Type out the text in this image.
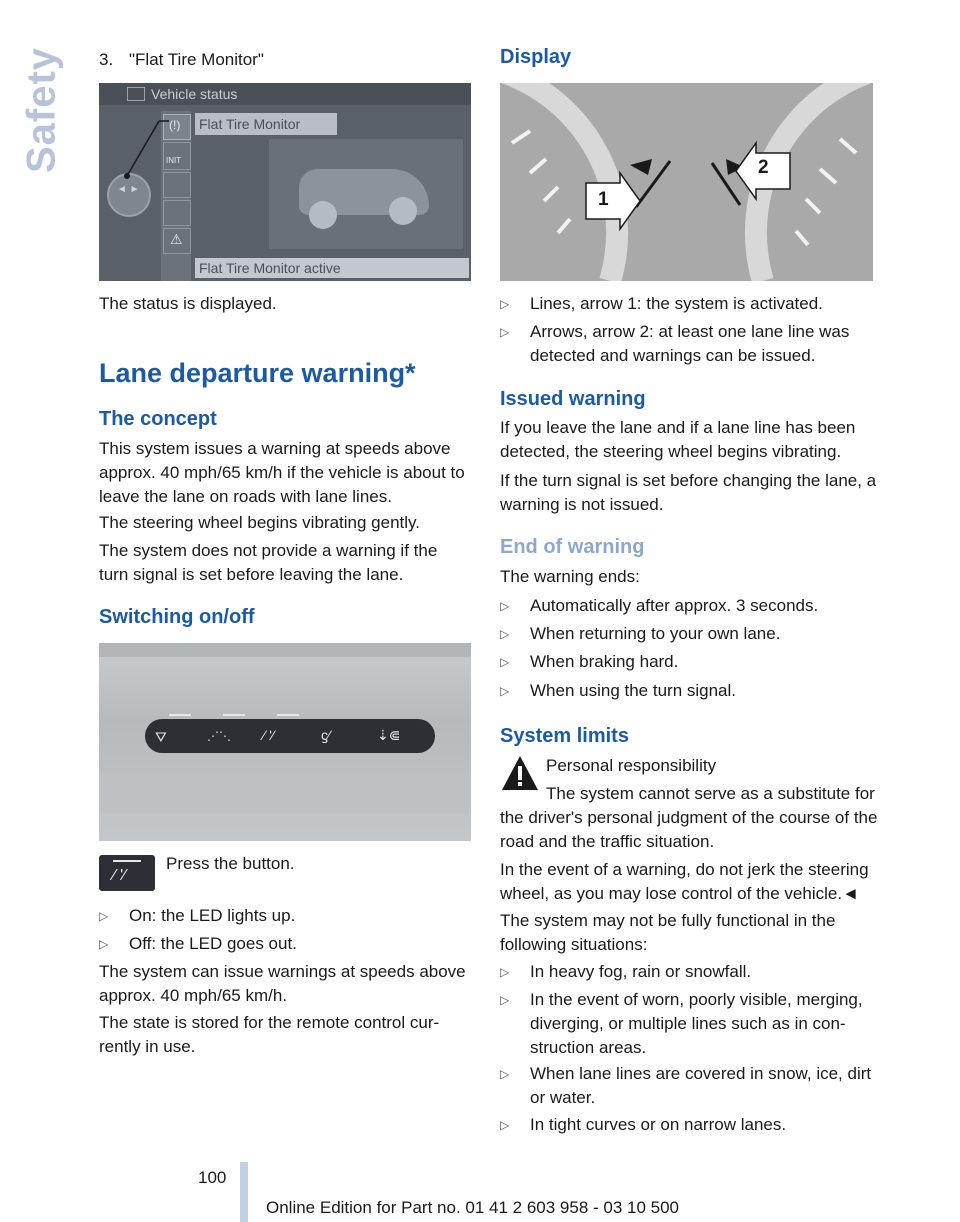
Safety 3. "Flat Tire Monitor"
Vehicle status
◄ ►
(!)
INIT
⚠
Flat Tire Monitor
Flat Tire Monitor active
The status is displayed.
Lane departure warning*
The concept
This system issues a warning at speeds above approx. 40 mph/65 km/h if the vehicle is about to leave the lane on roads with lane lines.
The steering wheel begins vibrating gently.
The system does not provide a warning if the turn signal is set before leaving the lane.
Switching on/off
⛛	⋰⋱ ⁄ '⁄	ϛ⁄	⇣⋐
⁄ '⁄
Press the button.
▷ On: the LED lights up.
▷ Off: the LED goes out.
The system can issue warnings at speeds above approx. 40 mph/65 km/h.
The state is stored for the remote control cur-rently in use.
Display
1
2
▷ Lines, arrow 1: the system is activated.
▷ Arrows, arrow 2: at least one lane line was detected and warnings can be issued.
Issued warning
If you leave the lane and if a lane line has been detected, the steering wheel begins vibrating.
If the turn signal is set before changing the lane, a warning is not issued.
End of warning
The warning ends:
▷ Automatically after approx. 3 seconds.
▷ When returning to your own lane.
▷ When braking hard.
▷ When using the turn signal.
System limits
Personal responsibility
The system cannot serve as a substitute for the driver's personal judgment of the course of the road and the traffic situation.
In the event of a warning, do not jerk the steering wheel, as you may lose control of the vehicle.◄
The system may not be fully functional in the following situations:
▷ In heavy fog, rain or snowfall.
▷ In the event of worn, poorly visible, merging, diverging, or multiple lines such as in con-struction areas.
▷ When lane lines are covered in snow, ice, dirt or water.
▷ In tight curves or on narrow lanes.
100
Online Edition for Part no. 01 41 2 603 958 - 03 10 500
